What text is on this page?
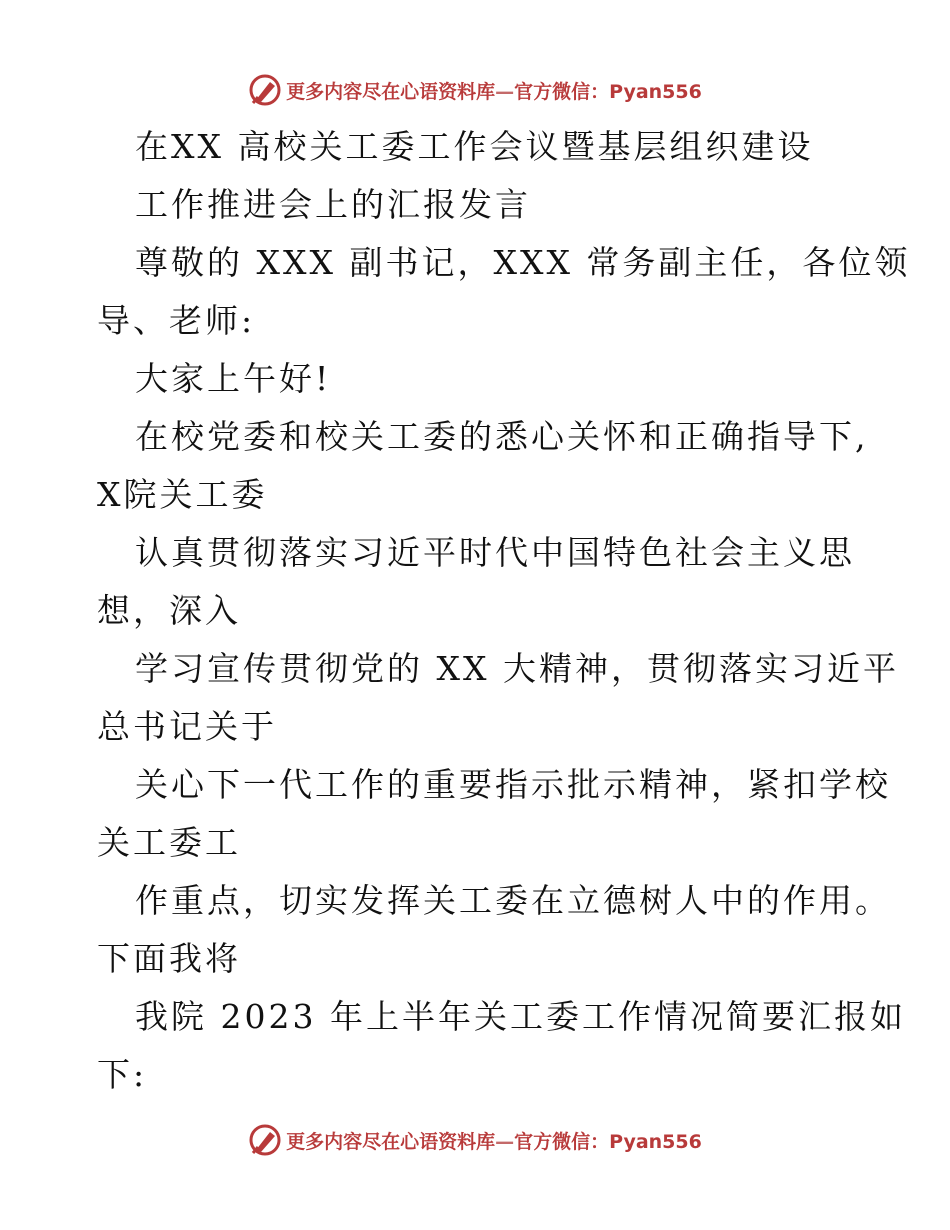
更多内容尽在心语资料库—官方微信：Pyan556
在XX 高校关工委工作会议暨基层组织建设
工作推进会上的汇报发言
尊敬的 XXX 副书记，XXX 常务副主任，各位领
导、老师:
大家上午好!
在校党委和校关工委的悉心关怀和正确指导下,
X院关工委
认真贯彻落实习近平时代中国特色社会主义思
想，深入
学习宣传贯彻党的 XX 大精神，贯彻落实习近平
总书记关于
关心下一代工作的重要指示批示精神，紧扣学校
关工委工
作重点，切实发挥关工委在立德树人中的作用。
下面我将
我院 2023 年上半年关工委工作情况简要汇报如
下:
更多内容尽在心语资料库—官方微信：Pyan556
